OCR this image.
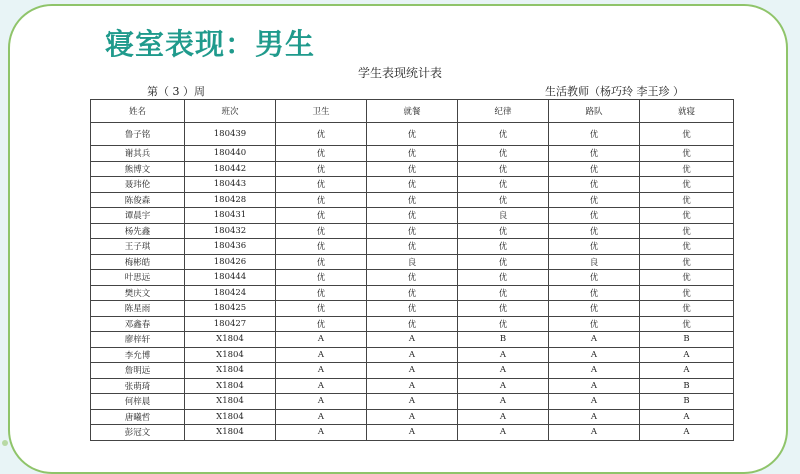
寝室表现：男生
学生表现统计表
第（ 3 ）周	生活教师（杨巧玲 李王珍 ）
姓名	班次	卫生	就餐	纪律	路队	就寝
鲁子铭	180439	优	优	优	优	优
谢其兵	180440	优	优	优	优	优
熊博文	180442	优	优	优	优	优
聂玮伦	180443	优	优	优	优	优
陈俊森	180428	优	优	优	优	优
谭晨宇	180431	优	优	良	优	优
杨先鑫	180432	优	优	优	优	优
王子琪	180436	优	优	优	优	优
梅彬皓	180426	优	良	优	良	优
叶思远	180444	优	优	优	优	优
樊庆文	180424	优	优	优	优	优
陈星雨	180425	优	优	优	优	优
邓鑫春	180427	优	优	优	优	优
廖梓轩	X1804	A	A	B	A	B
李允博	X1804	A	A	A	A	A
詹明远	X1804	A	A	A	A	A
张萌琦	X1804	A	A	A	A	B
何梓晨	X1804	A	A	A	A	B
唐曦哲	X1804	A	A	A	A	A
彭冠文	X1804	A	A	A	A	A
